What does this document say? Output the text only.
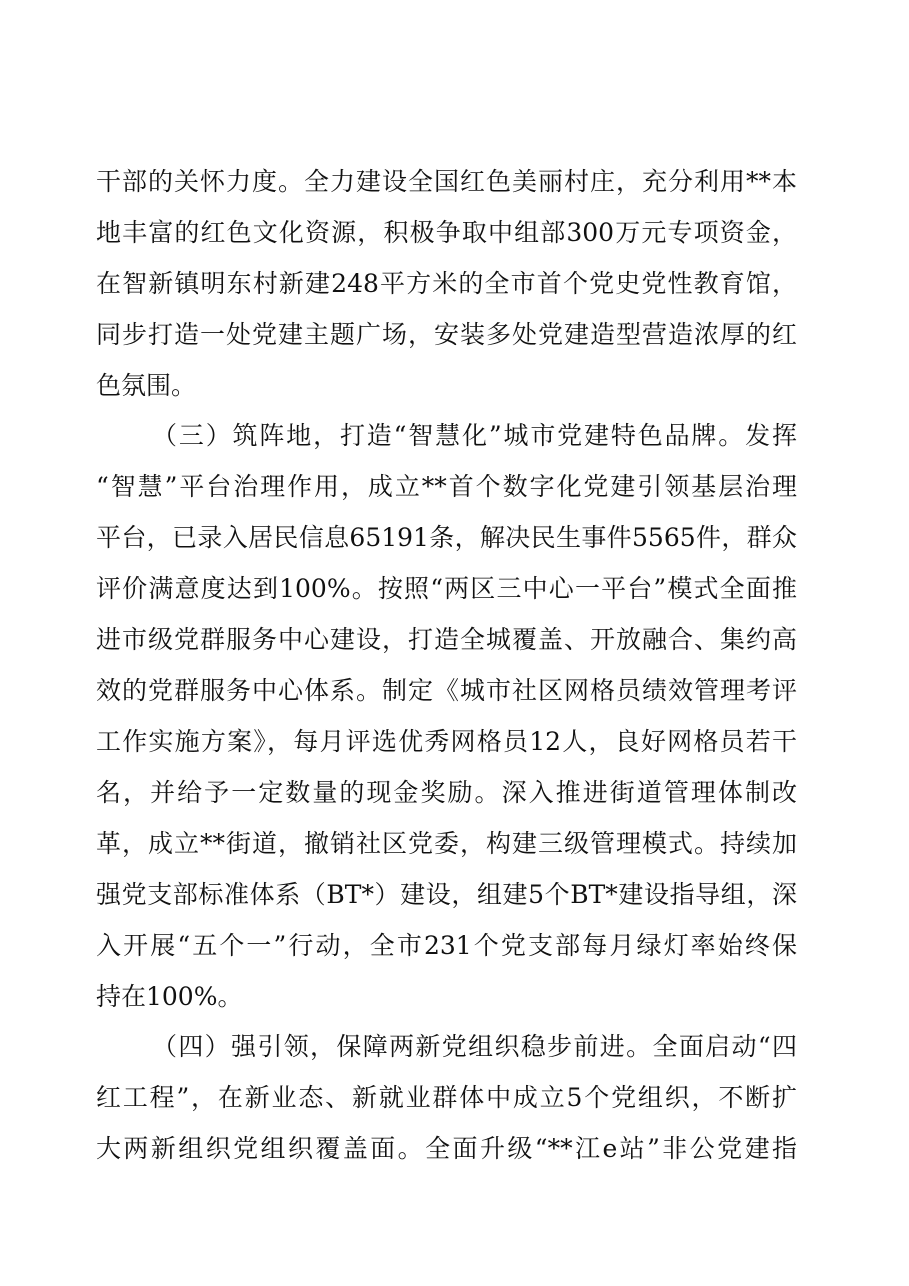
干部的关怀力度。全力建设全国红色美丽村庄，充分利用**本
地丰富的红色文化资源，积极争取中组部300万元专项资金，
在智新镇明东村新建248平方米的全市首个党史党性教育馆，
同步打造一处党建主题广场，安装多处党建造型营造浓厚的红
色氛围。
（三）筑阵地，打造“智慧化”城市党建特色品牌。发挥
“智慧”平台治理作用，成立**首个数字化党建引领基层治理
平台，已录入居民信息65191条，解决民生事件5565件，群众
评价满意度达到100%。按照“两区三中心一平台”模式全面推
进市级党群服务中心建设，打造全城覆盖、开放融合、集约高
效的党群服务中心体系。制定《城市社区网格员绩效管理考评
工作实施方案》，每月评选优秀网格员12人，良好网格员若干
名，并给予一定数量的现金奖励。深入推进街道管理体制改
革，成立**街道，撤销社区党委，构建三级管理模式。持续加
强党支部标准体系（BT*）建设，组建5个BT*建设指导组，深
入开展“五个一”行动，全市231个党支部每月绿灯率始终保
持在100%。
（四）强引领，保障两新党组织稳步前进。全面启动“四
红工程”，在新业态、新就业群体中成立5个党组织，不断扩
大两新组织党组织覆盖面。全面升级“**江e站”非公党建指
